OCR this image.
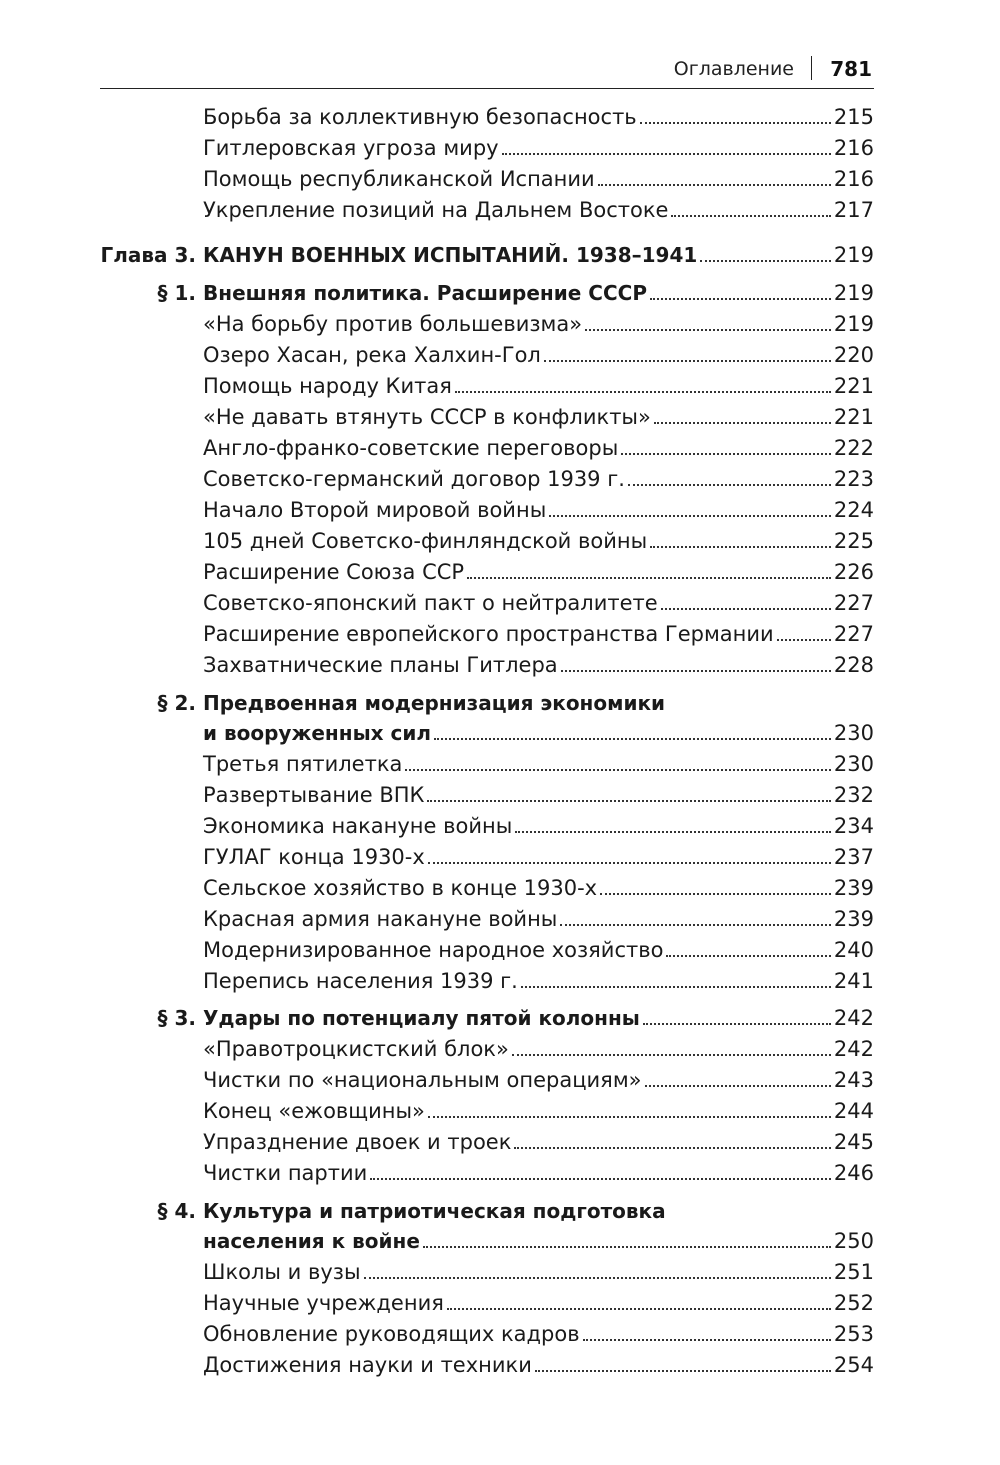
Оглавление 781
Борьба за коллективную безопасность	215
Гитлеровская угроза миру	216
Помощь республиканской Испании	216
Укрепление позиций на Дальнем Востоке	217
Глава 3. КАНУН ВОЕННЫХ ИСПЫТАНИЙ. 1938–1941	219
§ 1. Внешняя политика. Расширение СССР	219
«На борьбу против большевизма»	219
Озеро Хасан, река Халхин-Гол	220
Помощь народу Китая	221
«Не давать втянуть СССР в конфликты»	221
Англо-франко-советские переговоры	222
Советско-германский договор 1939 г.	223
Начало Второй мировой войны	224
105 дней Советско-финляндской войны	225
Расширение Союза ССР	226
Советско-японский пакт о нейтралитете	227
Расширение европейского пространства Германии	227
Захватнические планы Гитлера	228
§ 2. Предвоенная модернизация экономики
и вооруженных сил	230
Третья пятилетка	230
Развертывание ВПК	232
Экономика накануне войны	234
ГУЛАГ конца 1930-х	237
Сельское хозяйство в конце 1930-х	239
Красная армия накануне войны	239
Модернизированное народное хозяйство	240
Перепись населения 1939 г.	241
§ 3. Удары по потенциалу пятой колонны	242
«Правотроцкистский блок»	242
Чистки по «национальным операциям»	243
Конец «ежовщины»	244
Упразднение двоек и троек	245
Чистки партии	246
§ 4. Культура и патриотическая подготовка
населения к войне	250
Школы и вузы	251
Научные учреждения	252
Обновление руководящих кадров	253
Достижения науки и техники	254
